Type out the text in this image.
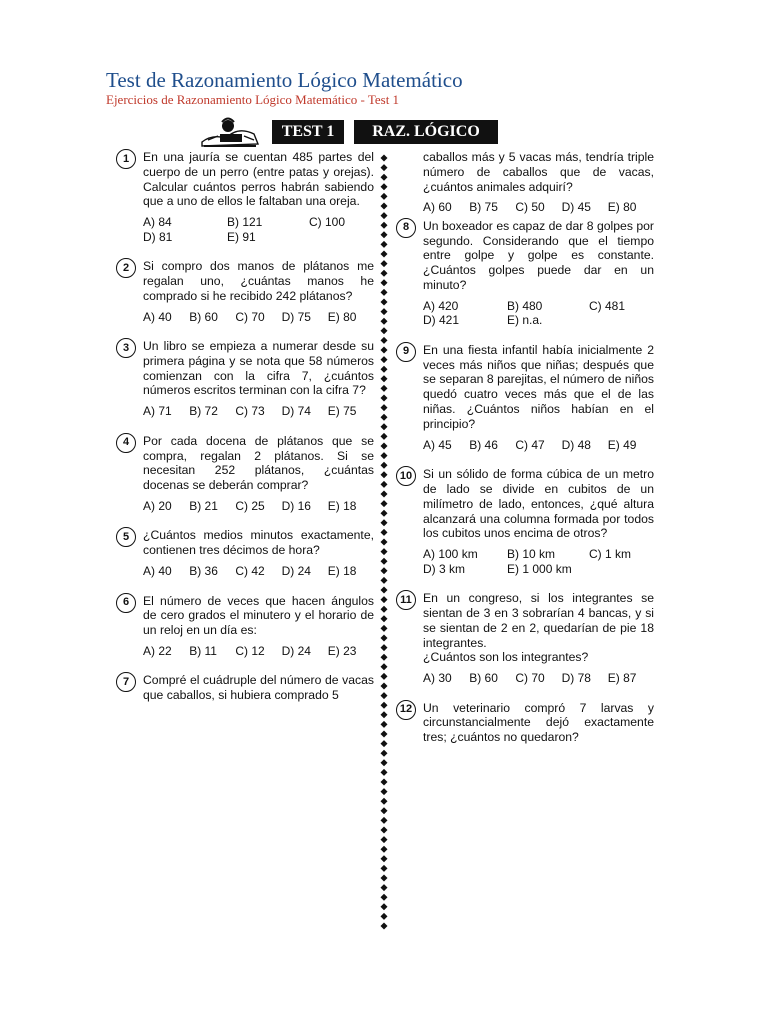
Test de Razonamiento Lógico Matemático
Ejercicios de Razonamiento Lógico Matemático - Test 1
TEST 1	RAZ. LÓGICO
1	En una jauría se cuentan 485 partes del cuerpo de un perro (entre patas y orejas). Calcular cuántos perros habrán sabiendo que a uno de ellos le faltaban una oreja.
A) 84	B) 121	C) 100
D) 81	E) 91
2	Si compro dos manos de plátanos me regalan uno, ¿cuántas manos he comprado si he recibido 242 plátanos?
A) 40	B) 60	C) 70	D) 75	E) 80
3	Un libro se empieza a numerar desde su primera página y se nota que 58 números comienzan con la cifra 7, ¿cuántos números escritos terminan con la cifra 7?
A) 71	B) 72	C) 73	D) 74	E) 75
4	Por cada docena de plátanos que se compra, regalan 2 plátanos. Si se necesitan 252 plátanos, ¿cuántas docenas se deberán comprar?
A) 20	B) 21	C) 25	D) 16	E) 18
5	¿Cuántos medios minutos exactamente, contienen tres décimos de hora?
A) 40	B) 36	C) 42	D) 24	E) 18
6	El número de veces que hacen ángulos de cero grados el minutero y el horario de un reloj en un día es:
A) 22	B) 11	C) 12	D) 24	E) 23
7	Compré el cuádruple del número de vacas que caballos, si hubiera comprado 5
caballos más y 5 vacas más, tendría triple número de caballos que de vacas, ¿cuántos animales adquirí?
A) 60	B) 75	C) 50	D) 45	E) 80
8	Un boxeador es capaz de dar 8 golpes por segundo. Considerando que el tiempo entre golpe y golpe es constante. ¿Cuántos golpes puede dar en un minuto?
A) 420	B) 480	C) 481
D) 421	E) n.a.
9	En una fiesta infantil había inicialmente 2 veces más niños que niñas; después que se separan 8 parejitas, el número de niños quedó cuatro veces más que el de las niñas. ¿Cuántos niños habían en el principio?
A) 45	B) 46	C) 47	D) 48	E) 49
10 Si un sólido de forma cúbica de un metro de lado se divide en cubitos de un milímetro de lado, entonces, ¿qué altura alcanzará una columna formada por todos los cubitos unos encima de otros?
A) 100 km	B) 10 km	C) 1 km
D) 3 km	E) 1 000 km
11 En un congreso, si los integrantes se sientan de 3 en 3 sobrarían 4 bancas, y si se sientan de 2 en 2, quedarían de pie 18 integrantes.
¿Cuántos son los integrantes?
A) 30	B) 60	C) 70	D) 78	E) 87
12 Un veterinario compró 7 larvas y circunstancialmente dejó exactamente tres; ¿cuántos no quedaron?
